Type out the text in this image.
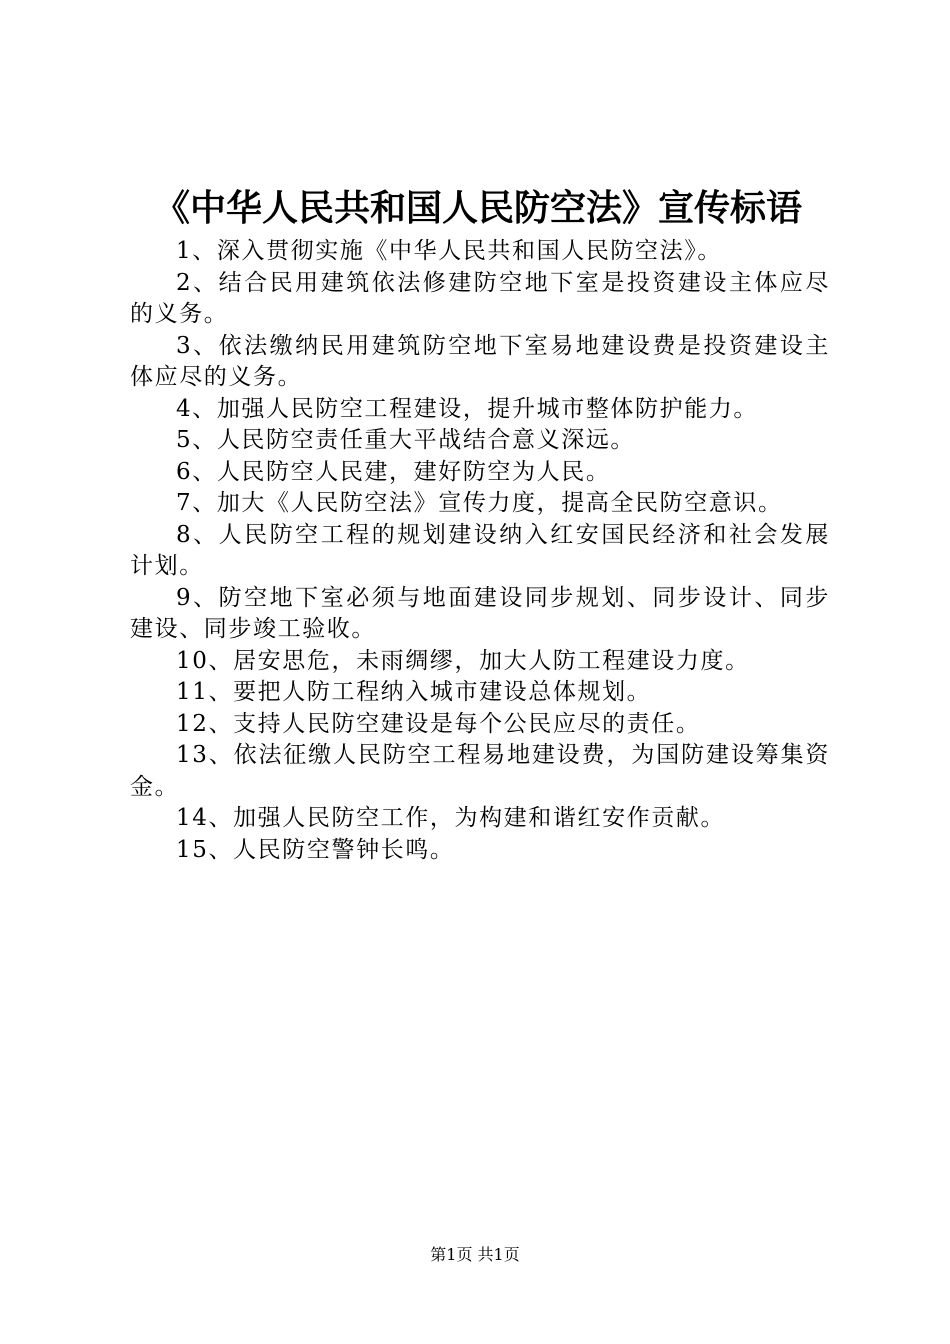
《中华人民共和国人民防空法》宣传标语

1、深入贯彻实施《中华人民共和国人民防空法》。

2、结合民用建筑依法修建防空地下室是投资建设主体应尽的义务。

3、依法缴纳民用建筑防空地下室易地建设费是投资建设主体应尽的义务。

4、加强人民防空工程建设，提升城市整体防护能力。

5、人民防空责任重大平战结合意义深远。

6、人民防空人民建，建好防空为人民。

7、加大《人民防空法》宣传力度，提高全民防空意识。

8、人民防空工程的规划建设纳入红安国民经济和社会发展计划。

9、防空地下室必须与地面建设同步规划、同步设计、同步建设、同步竣工验收。

10、居安思危，未雨绸缪，加大人防工程建设力度。

11、要把人防工程纳入城市建设总体规划。

12、支持人民防空建设是每个公民应尽的责任。

13、依法征缴人民防空工程易地建设费，为国防建设筹集资金。

14、加强人民防空工作，为构建和谐红安作贡献。

15、人民防空警钟长鸣。

第1页 共1页
